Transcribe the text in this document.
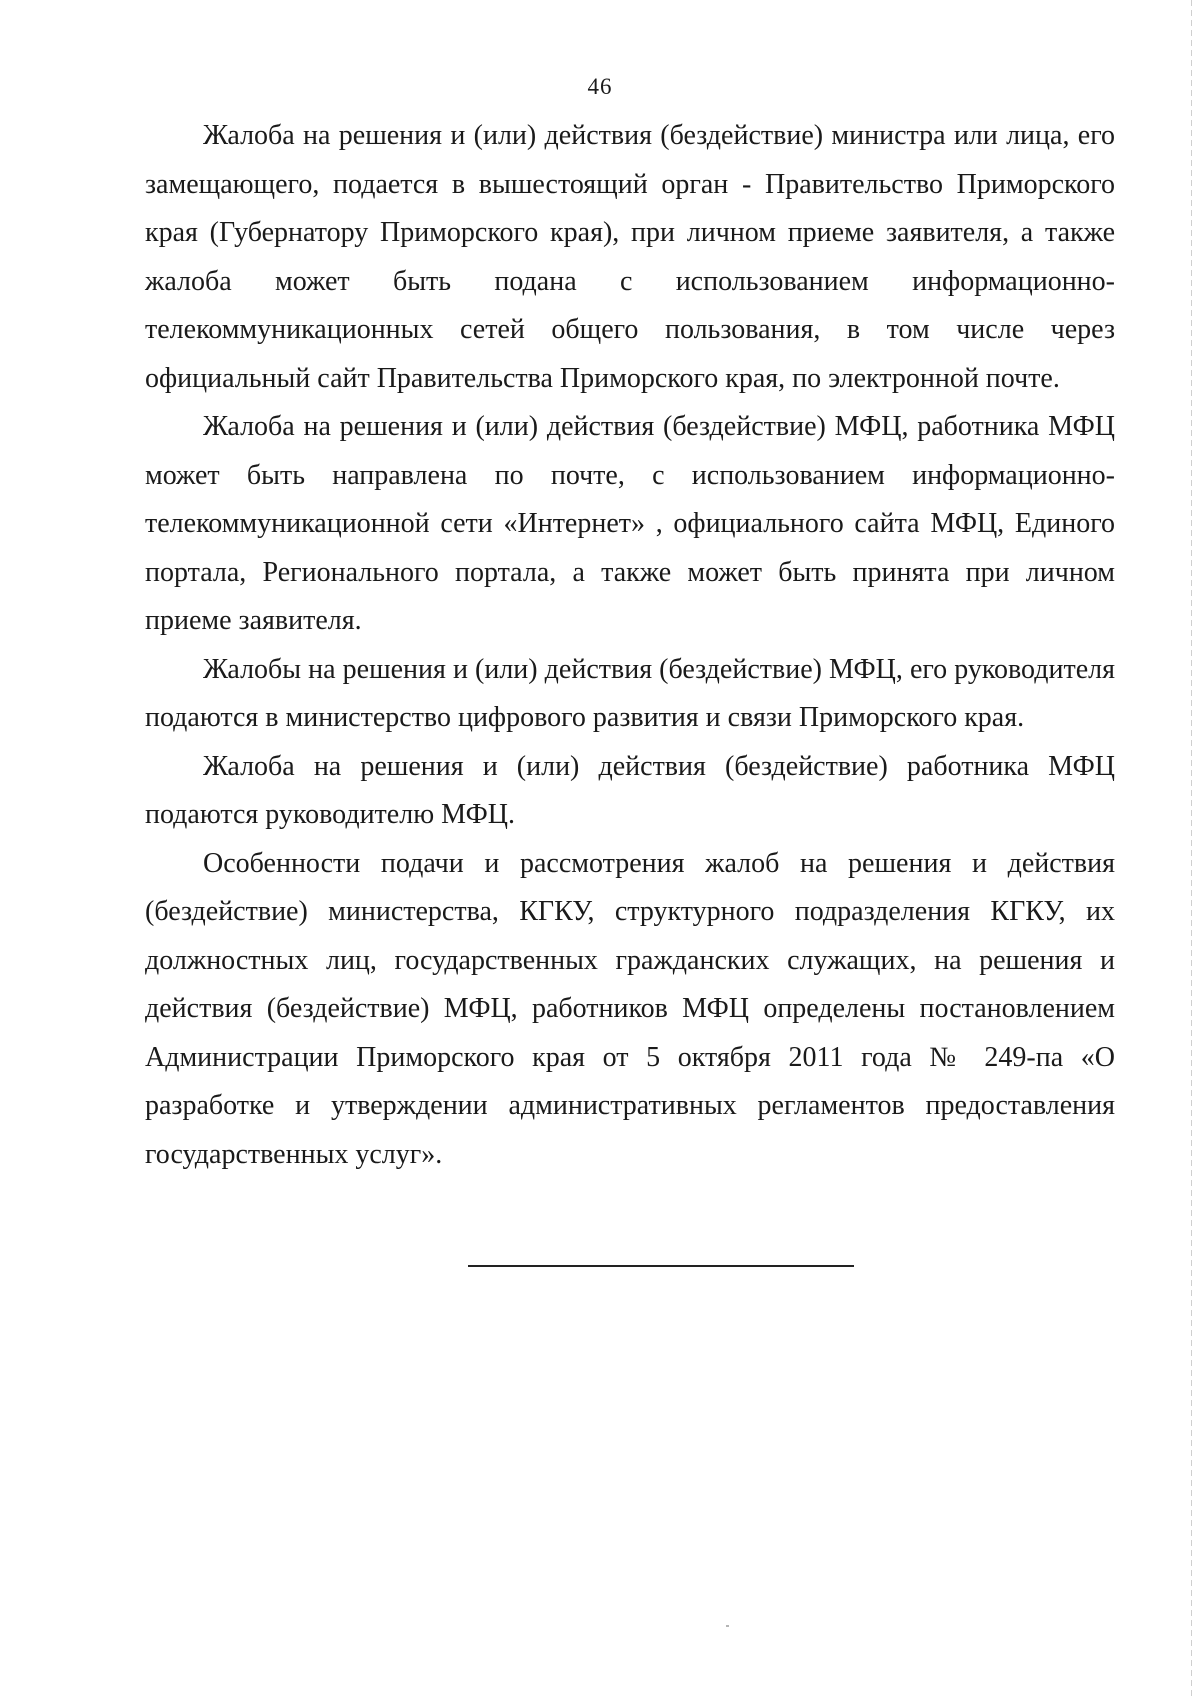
46

Жалоба на решения и (или) действия (бездействие) министра или лица, его замещающего, подается в вышестоящий орган - Правительство Приморского края (Губернатору Приморского края), при личном приеме заявителя, а также жалоба может быть подана с использованием информационно-телекоммуникационных сетей общего пользования, в том числе через официальный сайт Правительства Приморского края, по электронной почте.

Жалоба на решения и (или) действия (бездействие) МФЦ, работника МФЦ может быть направлена по почте, с использованием информационно-телекоммуникационной сети «Интернет» , официального сайта МФЦ, Единого портала, Регионального портала, а также может быть принята при личном приеме заявителя.

Жалобы на решения и (или) действия (бездействие) МФЦ, его руководителя подаются в министерство цифрового развития и связи Приморского края.

Жалоба на решения и (или) действия (бездействие) работника МФЦ подаются руководителю МФЦ.

Особенности подачи и рассмотрения жалоб на решения и действия (бездействие) министерства, КГКУ, структурного подразделения КГКУ, их должностных лиц, государственных гражданских служащих, на решения и действия (бездействие) МФЦ, работников МФЦ определены постановлением Администрации Приморского края от 5 октября 2011 года № 249-па «О разработке и утверждении административных регламентов предоставления государственных услуг».
